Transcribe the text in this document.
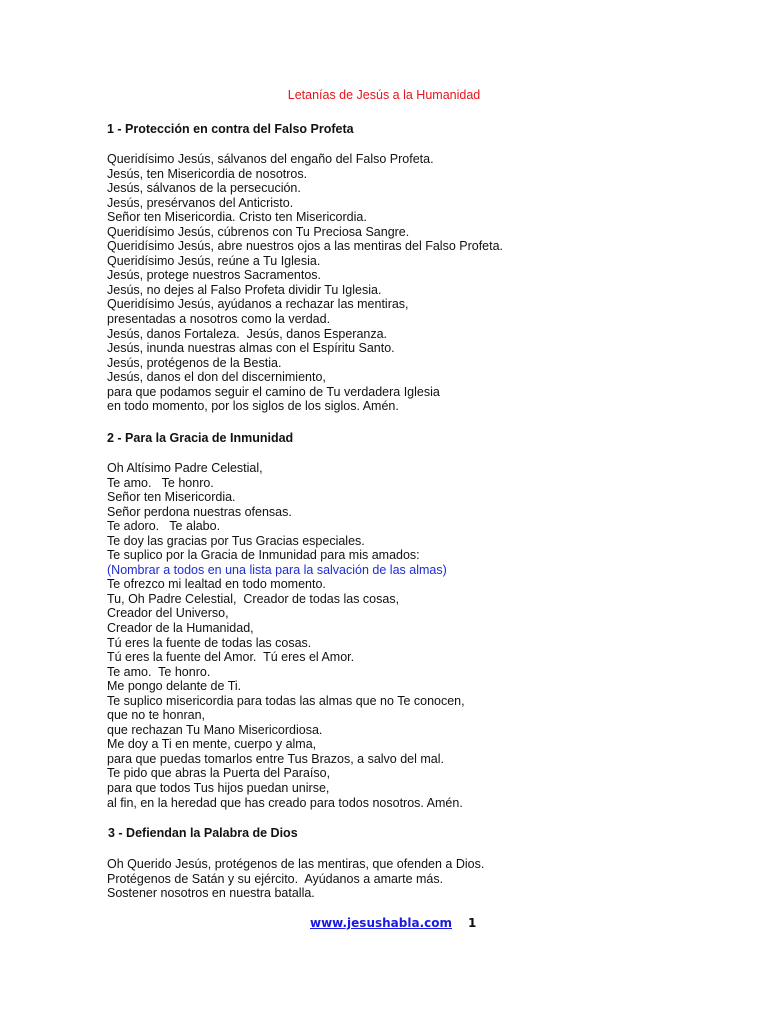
Letanías de Jesús a la Humanidad
1 - Protección en contra del Falso Profeta
Queridísimo Jesús, sálvanos del engaño del Falso Profeta.
Jesús, ten Misericordia de nosotros.
Jesús, sálvanos de la persecución.
Jesús, presérvanos del Anticristo.
Señor ten Misericordia. Cristo ten Misericordia.
Queridísimo Jesús, cúbrenos con Tu Preciosa Sangre.
Queridísimo Jesús, abre nuestros ojos a las mentiras del Falso Profeta.
Queridísimo Jesús, reúne a Tu Iglesia.
Jesús, protege nuestros Sacramentos.
Jesús, no dejes al Falso Profeta dividir Tu Iglesia.
Queridísimo Jesús, ayúdanos a rechazar las mentiras,
presentadas a nosotros como la verdad.
Jesús, danos Fortaleza.  Jesús, danos Esperanza.
Jesús, inunda nuestras almas con el Espíritu Santo.
Jesús, protégenos de la Bestia.
Jesús, danos el don del discernimiento,
para que podamos seguir el camino de Tu verdadera Iglesia
en todo momento, por los siglos de los siglos. Amén.
2 - Para la Gracia de Inmunidad
Oh Altísimo Padre Celestial,
Te amo.   Te honro.
Señor ten Misericordia.
Señor perdona nuestras ofensas.
Te adoro.   Te alabo.
Te doy las gracias por Tus Gracias especiales.
Te suplico por la Gracia de Inmunidad para mis amados:
(Nombrar a todos en una lista para la salvación de las almas)
Te ofrezco mi lealtad en todo momento.
Tu, Oh Padre Celestial,  Creador de todas las cosas,
Creador del Universo,
Creador de la Humanidad,
Tú eres la fuente de todas las cosas.
Tú eres la fuente del Amor.  Tú eres el Amor.
Te amo.  Te honro.
Me pongo delante de Ti.
Te suplico misericordia para todas las almas que no Te conocen,
que no te honran,
que rechazan Tu Mano Misericordiosa.
Me doy a Ti en mente, cuerpo y alma,
para que puedas tomarlos entre Tus Brazos, a salvo del mal.
Te pido que abras la Puerta del Paraíso,
para que todos Tus hijos puedan unirse,
al fin, en la heredad que has creado para todos nosotros. Amén.
3 - Defiendan la Palabra de Dios
Oh Querido Jesús, protégenos de las mentiras, que ofenden a Dios.
Protégenos de Satán y su ejército.  Ayúdanos a amarte más.
Sostener nosotros en nuestra batalla.
www.jesushabla.com 1
